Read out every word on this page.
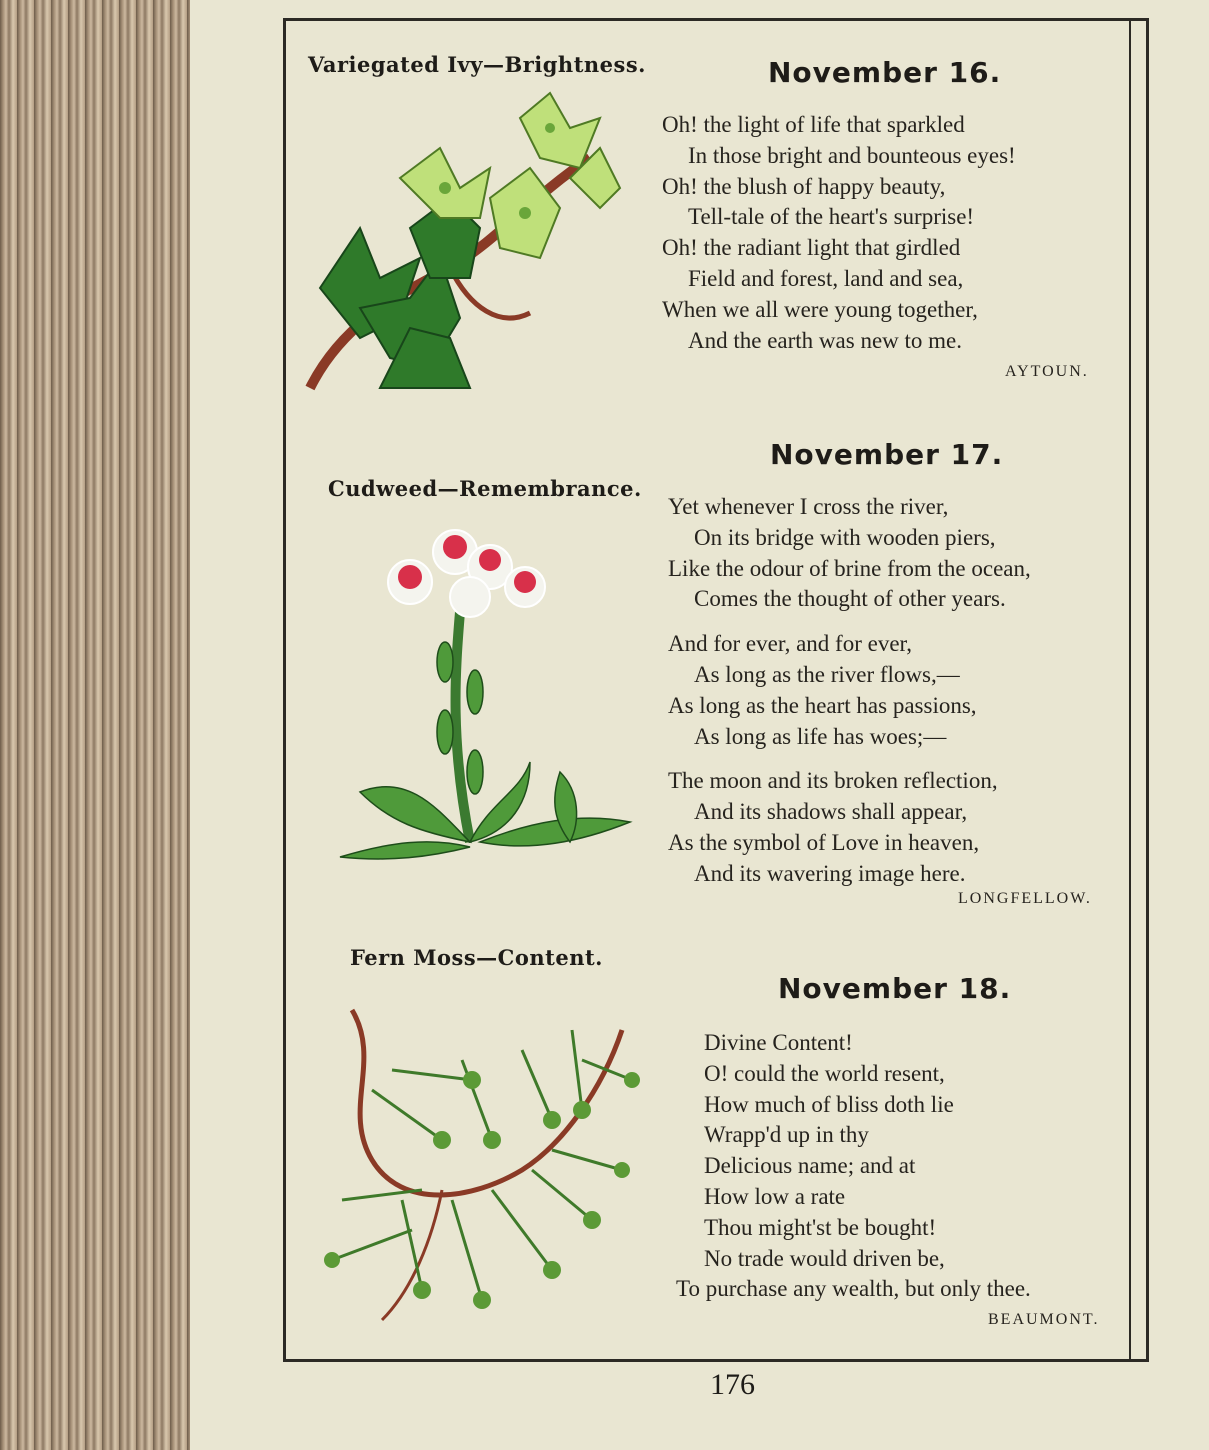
Variegated Ivy—Brightness.	November 16.
Oh! the light of life that sparkled
In those bright and bounteous eyes!
Oh! the blush of happy beauty,
Tell-tale of the heart's surprise!
Oh! the radiant light that girdled
Field and forest, land and sea,
When we all were young together,
And the earth was new to me.
AYTOUN.
Cudweed—Remembrance.
November 17.
Yet whenever I cross the river,
On its bridge with wooden piers,
Like the odour of brine from the ocean,
Comes the thought of other years.
And for ever, and for ever,
As long as the river flows,—
As long as the heart has passions,
As long as life has woes;—
The moon and its broken reflection,
And its shadows shall appear,
As the symbol of Love in heaven,
And its wavering image here.
LONGFELLOW.
Fern Moss—Content.
November 18.
Divine Content!
O! could the world resent,
How much of bliss doth lie
Wrapp'd up in thy
Delicious name; and at
How low a rate
Thou might'st be bought!
No trade would driven be,
To purchase any wealth, but only thee.
BEAUMONT.
176
